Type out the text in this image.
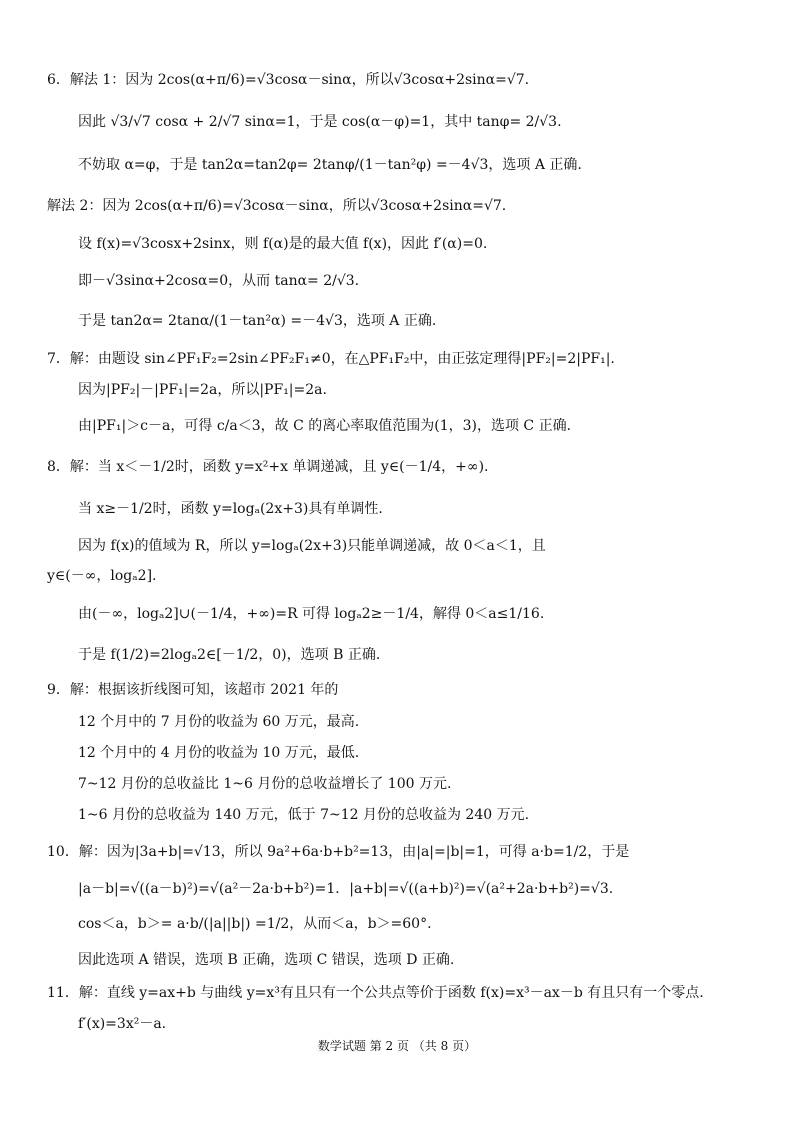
6．解法 1：因为 2cos(α+π/6)=√3cosα－sinα，所以√3cosα+2sinα=√7.
因此 √3/√7 cosα + 2/√7 sinα=1，于是 cos(α－φ)=1，其中 tanφ= 2/√3.
不妨取 α=φ，于是 tan2α=tan2φ= 2tanφ/(1－tan²φ) =－4√3，选项 A 正确.
解法 2：因为 2cos(α+π/6)=√3cosα－sinα，所以√3cosα+2sinα=√7.
设 f(x)=√3cosx+2sinx，则 f(α)是的最大值 f(x)，因此 f′(α)=0.
即－√3sinα+2cosα=0，从而 tanα= 2/√3.
于是 tan2α= 2tanα/(1－tan²α) =－4√3，选项 A 正确.
7．解：由题设 sin∠PF₁F₂=2sin∠PF₂F₁≠0，在△PF₁F₂中，由正弦定理得|PF₂|=2|PF₁|.
因为|PF₂|－|PF₁|=2a，所以|PF₁|=2a.
由|PF₁|＞c－a，可得 c/a＜3，故 C 的离心率取值范围为(1，3)，选项 C 正确.
8．解：当 x＜－1/2时，函数 y=x²+x 单调递减，且 y∈(－1/4，+∞).
当 x≥－1/2时，函数 y=logₐ(2x+3)具有单调性.
因为 f(x)的值域为 R，所以 y=logₐ(2x+3)只能单调递减，故 0＜a＜1，且
y∈(－∞，logₐ2].
由(－∞，logₐ2]∪(－1/4，+∞)=R 可得 logₐ2≥－1/4，解得 0＜a≤1/16.
于是 f(1/2)=2logₐ2∈[－1/2，0)，选项 B 正确.
9．解：根据该折线图可知，该超市 2021 年的
12 个月中的 7 月份的收益为 60 万元，最高.
12 个月中的 4 月份的收益为 10 万元，最低.
7~12 月份的总收益比 1~6 月份的总收益增长了 100 万元.
1~6 月份的总收益为 140 万元，低于 7~12 月份的总收益为 240 万元.
10．解：因为|3a+b|=√13，所以 9a²+6a·b+b²=13，由|a|=|b|=1，可得 a·b=1/2，于是
|a－b|=√((a－b)²)=√(a²－2a·b+b²)=1．|a+b|=√((a+b)²)=√(a²+2a·b+b²)=√3.
cos＜a，b＞= a·b/(|a||b|) =1/2，从而＜a，b＞=60°.
因此选项 A 错误，选项 B 正确，选项 C 错误，选项 D 正确.
11．解：直线 y=ax+b 与曲线 y=x³有且只有一个公共点等价于函数 f(x)=x³－ax－b 有且只有一个零点.
f′(x)=3x²－a.
数学试题 第 2 页 （共 8 页）
